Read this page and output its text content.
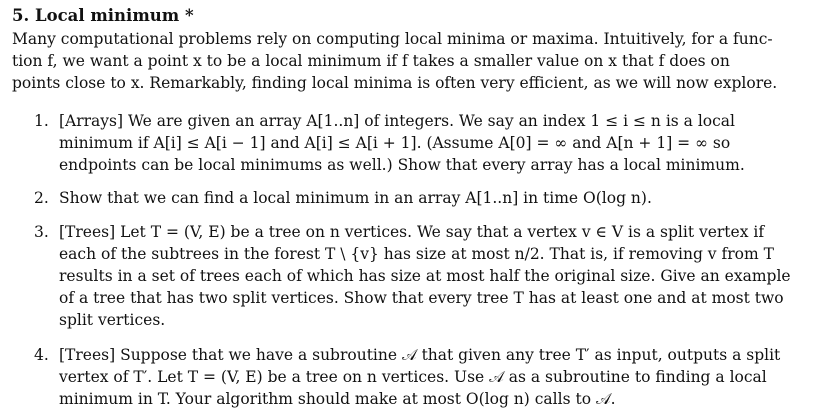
5. Local minimum *
Many computational problems rely on computing local minima or maxima. Intuitively, for a func-
tion f, we want a point x to be a local minimum if f takes a smaller value on x that f does on
points close to x. Remarkably, finding local minima is often very efficient, as we will now explore.
1. [Arrays] We are given an array A[1..n] of integers. We say an index 1 ≤ i ≤ n is a local
minimum if A[i] ≤ A[i − 1] and A[i] ≤ A[i + 1]. (Assume A[0] = ∞ and A[n + 1] = ∞ so
endpoints can be local minimums as well.) Show that every array has a local minimum.
2. Show that we can find a local minimum in an array A[1..n] in time O(log n).
3. [Trees] Let T = (V, E) be a tree on n vertices. We say that a vertex v ∈ V is a split vertex if
each of the subtrees in the forest T \ {v} has size at most n/2. That is, if removing v from T
results in a set of trees each of which has size at most half the original size. Give an example
of a tree that has two split vertices. Show that every tree T has at least one and at most two
split vertices.
4. [Trees] Suppose that we have a subroutine 𝒜 that given any tree T′ as input, outputs a split
vertex of T′. Let T = (V, E) be a tree on n vertices. Use 𝒜 as a subroutine to finding a local
minimum in T. Your algorithm should make at most O(log n) calls to 𝒜.
